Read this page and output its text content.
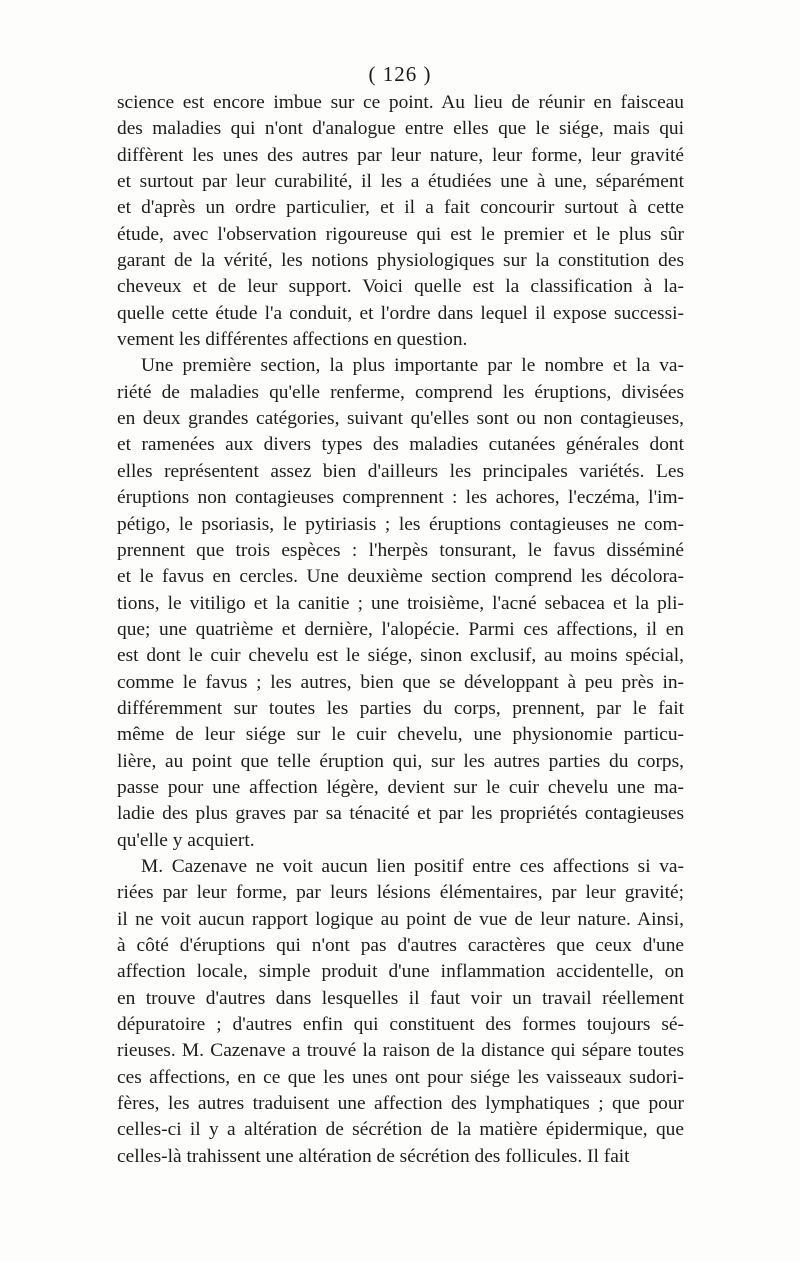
( 126 )

science est encore imbue sur ce point. Au lieu de réunir en faisceau
des maladies qui n'ont d'analogue entre elles que le siége, mais qui
diffèrent les unes des autres par leur nature, leur forme, leur gravité
et surtout par leur curabilité, il les a étudiées une à une, séparément
et d'après un ordre particulier, et il a fait concourir surtout à cette
étude, avec l'observation rigoureuse qui est le premier et le plus sûr
garant de la vérité, les notions physiologiques sur la constitution des
cheveux et de leur support. Voici quelle est la classification à la-
quelle cette étude l'a conduit, et l'ordre dans lequel il expose successi-
vement les différentes affections en question.

Une première section, la plus importante par le nombre et la va-
riété de maladies qu'elle renferme, comprend les éruptions, divisées
en deux grandes catégories, suivant qu'elles sont ou non contagieuses,
et ramenées aux divers types des maladies cutanées générales dont
elles représentent assez bien d'ailleurs les principales variétés. Les
éruptions non contagieuses comprennent : les achores, l'eczéma, l'im-
pétigo, le psoriasis, le pytiriasis ; les éruptions contagieuses ne com-
prennent que trois espèces : l'herpès tonsurant, le favus disséminé
et le favus en cercles. Une deuxième section comprend les décolora-
tions, le vitiligo et la canitie ; une troisième, l'acné sebacea et la pli-
que; une quatrième et dernière, l'alopécie. Parmi ces affections, il en
est dont le cuir chevelu est le siége, sinon exclusif, au moins spécial,
comme le favus ; les autres, bien que se développant à peu près in-
différemment sur toutes les parties du corps, prennent, par le fait
même de leur siége sur le cuir chevelu, une physionomie particu-
lière, au point que telle éruption qui, sur les autres parties du corps,
passe pour une affection légère, devient sur le cuir chevelu une ma-
ladie des plus graves par sa ténacité et par les propriétés contagieuses
qu'elle y acquiert.

M. Cazenave ne voit aucun lien positif entre ces affections si va-
riées par leur forme, par leurs lésions élémentaires, par leur gravité;
il ne voit aucun rapport logique au point de vue de leur nature. Ainsi,
à côté d'éruptions qui n'ont pas d'autres caractères que ceux d'une
affection locale, simple produit d'une inflammation accidentelle, on
en trouve d'autres dans lesquelles il faut voir un travail réellement
dépuratoire ; d'autres enfin qui constituent des formes toujours sé-
rieuses. M. Cazenave a trouvé la raison de la distance qui sépare toutes
ces affections, en ce que les unes ont pour siége les vaisseaux sudori-
fères, les autres traduisent une affection des lymphatiques ; que pour
celles-ci il y a altération de sécrétion de la matière épidermique, que
celles-là trahissent une altération de sécrétion des follicules. Il fait
